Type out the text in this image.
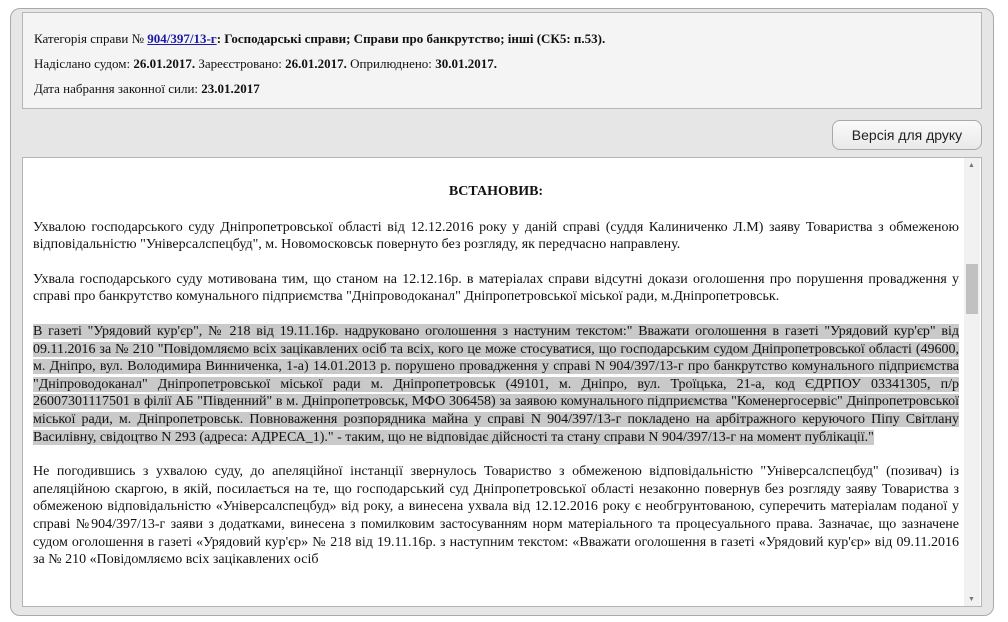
Категорія справи № 904/397/13-г: Господарські справи; Справи про банкрутство; інші (СК5: п.53).
Надіслано судом: 26.01.2017. Зареєстровано: 26.01.2017. Оприлюднено: 30.01.2017.
Дата набрання законної сили: 23.01.2017
Версія для друку

ВСТАНОВИВ:

Ухвалою господарського суду Дніпропетровської області від 12.12.2016 року у даній справі (суддя Калиниченко Л.М) заяву Товариства з обмеженою відповідальністю "Універсалспецбуд", м. Новомосковськ повернуто без розгляду, як передчасно направлену.

Ухвала господарського суду мотивована тим, що станом на 12.12.16р. в матеріалах справи відсутні докази оголошення про порушення провадження у справі про банкрутство комунального підприємства "Дніпроводоканал" Дніпропетровської міської ради, м.Дніпропетровськ.

В газеті "Урядовий кур'єр", № 218 від 19.11.16р. надруковано оголошення з настуним текстом:" Вважати оголошення в газеті "Урядовий кур'єр" від 09.11.2016 за № 210 "Повідомляємо всіх зацікавлених осіб та всіх, кого це може стосуватися, що господарським судом Дніпропетровської області (49600, м. Дніпро, вул. Володимира Винниченка, 1-а) 14.01.2013 р. порушено провадження у справі N 904/397/13-г про банкрутство комунального підприємства "Дніпроводоканал" Дніпропетровської міської ради м. Дніпропетровськ (49101, м. Дніпро, вул. Троїцька, 21-а, код ЄДРПОУ 03341305, п/р 26007301117501 в філії АБ "Південний" в м. Дніпропетровськ, МФО 306458) за заявою комунального підприємства "Коменергосервіс" Дніпропетровської міської ради, м. Дніпропетровськ. Повноваження розпорядника майна у справі N 904/397/13-г покладено на арбітражного керуючого Піпу Світлану Василівну, свідоцтво N 293 (адреса: АДРЕСА_1)." - таким, що не відповідає дійсності та стану справи N 904/397/13-г на момент публікації."

Не погодившись з ухвалою суду, до апеляційної інстанції звернулось Товариство з обмеженою відповідальністю "Універсалспецбуд" (позивач) із апеляційною скаргою, в якій, посилається на те, що господарський суд Дніпропетровської області незаконно повернув без розгляду заяву Товариства з обмеженою відповідальністю «Універсалспецбуд» від року, а винесена ухвала від 12.12.2016 року є необгрунтованою, суперечить матеріалам поданої у справі №904/397/13-г заяви з додатками, винесена з помилковим застосуванням норм матеріального та процесуального права. Зазначає, що зазначене судом оголошення в газеті «Урядовий кур'єр» № 218 від 19.11.16р. з наступним текстом: «Вважати оголошення в газеті «Урядовий кур'єр» від 09.11.2016 за № 210 «Повідомляємо всіх зацікавлених осіб

▲
▼
